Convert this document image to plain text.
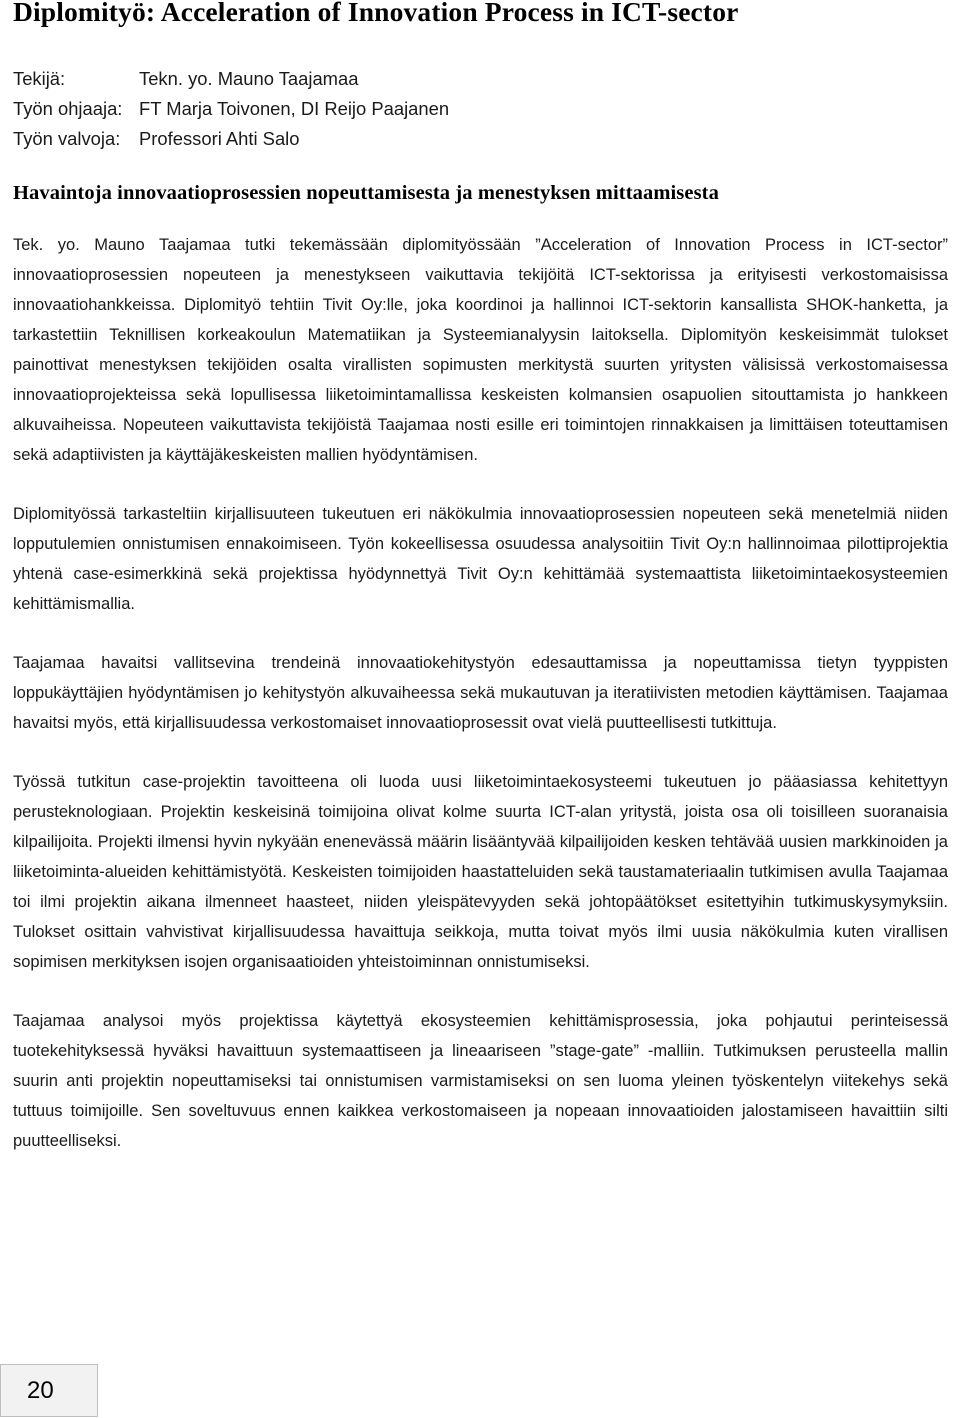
Diplomityö: Acceleration of Innovation Process in ICT-sector
Tekijä:	Tekn. yo. Mauno Taajamaa
Työn ohjaaja: FT Marja Toivonen, DI Reijo Paajanen
Työn valvoja: Professori Ahti Salo
Havaintoja innovaatioprosessien nopeuttamisesta ja menestyksen mittaamisesta

Tek. yo. Mauno Taajamaa tutki tekemässään diplomityössään ”Acceleration of Innovation Process in ICT-sector” innovaatioprosessien nopeuteen ja menestykseen vaikuttavia tekijöitä ICT-sektorissa ja erityisesti verkostomaisissa innovaatiohankkeissa. Diplomityö tehtiin Tivit Oy:lle, joka koordinoi ja hallinnoi ICT-sektorin kansallista SHOK-hanketta, ja tarkastettiin Teknillisen korkeakoulun Matematiikan ja Systeemianalyysin laitoksella. Diplomityön keskeisimmät tulokset painottivat menestyksen tekijöiden osalta virallisten sopimusten merkitystä suurten yritysten välisissä verkostomaisessa innovaatioprojekteissa sekä lopullisessa liiketoimintamallissa keskeisten kolmansien osapuolien sitouttamista jo hankkeen alkuvaiheissa. Nopeuteen vaikuttavista tekijöistä Taajamaa nosti esille eri toimintojen rinnakkaisen ja limittäisen toteuttamisen sekä adaptiivisten ja käyttäjäkeskeisten mallien hyödyntämisen.

Diplomityössä tarkasteltiin kirjallisuuteen tukeutuen eri näkökulmia innovaatioprosessien nopeuteen sekä menetelmiä niiden lopputulemien onnistumisen ennakoimiseen. Työn kokeellisessa osuudessa analysoitiin Tivit Oy:n hallinnoimaa pilottiprojektia yhtenä case-esimerkkinä sekä projektissa hyödynnettyä Tivit Oy:n kehittämää systemaattista liiketoimintaekosysteemien kehittämismallia.

Taajamaa havaitsi vallitsevina trendeinä innovaatiokehitystyön edesauttamissa ja nopeuttamissa tietyn tyyppisten loppukäyttäjien hyödyntämisen jo kehitystyön alkuvaiheessa sekä mukautuvan ja iteratiivisten metodien käyttämisen. Taajamaa havaitsi myös, että kirjallisuudessa verkostomaiset innovaatioprosessit ovat vielä puutteellisesti tutkittuja.

Työssä tutkitun case-projektin tavoitteena oli luoda uusi liiketoimintaekosysteemi tukeutuen jo pääasiassa kehitettyyn perusteknologiaan. Projektin keskeisinä toimijoina olivat kolme suurta ICT-alan yritystä, joista osa oli toisilleen suoranaisia kilpailijoita. Projekti ilmensi hyvin nykyään enenevässä määrin lisääntyvää kilpailijoiden kesken tehtävää uusien markkinoiden ja liiketoiminta-alueiden kehittämistyötä. Keskeisten toimijoiden haastatteluiden sekä taustamateriaalin tutkimisen avulla Taajamaa toi ilmi projektin aikana ilmenneet haasteet, niiden yleispätevyyden sekä johtopäätökset esitettyihin tutkimuskysymyksiin. Tulokset osittain vahvistivat kirjallisuudessa havaittuja seikkoja, mutta toivat myös ilmi uusia näkökulmia kuten virallisen sopimisen merkityksen isojen organisaatioiden yhteistoiminnan onnistumiseksi.

Taajamaa analysoi myös projektissa käytettyä ekosysteemien kehittämisprosessia, joka pohjautui perinteisessä tuotekehityksessä hyväksi havaittuun systemaattiseen ja lineaariseen ”stage-gate” -malliin. Tutkimuksen perusteella mallin suurin anti projektin nopeuttamiseksi tai onnistumisen varmistamiseksi on sen luoma yleinen työskentelyn viitekehys sekä tuttuus toimijoille. Sen soveltuvuus ennen kaikkea verkostomaiseen ja nopeaan innovaatioiden jalostamiseen havaittiin silti puutteelliseksi.

20
